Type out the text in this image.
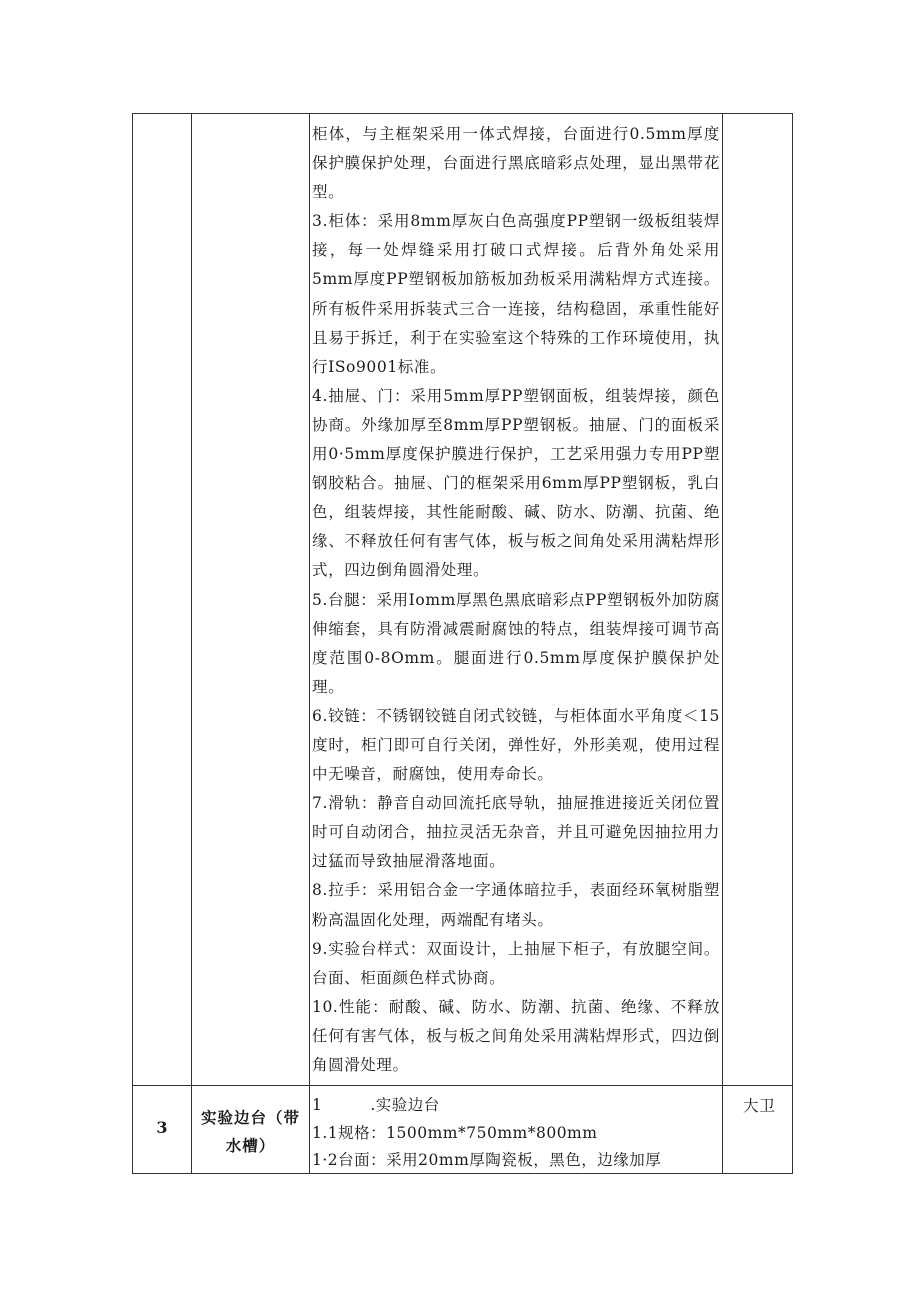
柜体，与主框架采用一体式焊接，台面进行0.5mm厚度保护膜保护处理，台面进行黑底暗彩点处理，显出黑带花型。

3.柜体：采用8mm厚灰白色高强度PP塑钢一级板组装焊接，每一处焊缝采用打破口式焊接。后背外角处采用5mm厚度PP塑钢板加筋板加劲板采用满粘焊方式连接。所有板件采用拆装式三合一连接，结构稳固，承重性能好且易于拆迁，利于在实验室这个特殊的工作环境使用，执行ISo9001标准。

4.抽屉、门：采用5mm厚PP塑钢面板，组装焊接，颜色协商。外缘加厚至8mm厚PP塑钢板。抽屉、门的面板采用0·5mm厚度保护膜进行保护，工艺采用强力专用PP塑钢胶粘合。抽屉、门的框架采用6mm厚PP塑钢板，乳白色，组装焊接，其性能耐酸、碱、防水、防潮、抗菌、绝缘、不释放任何有害气体，板与板之间角处采用满粘焊形式，四边倒角圆滑处理。

5.台腿：采用Iomm厚黑色黑底暗彩点PP塑钢板外加防腐伸缩套，具有防滑减震耐腐蚀的特点，组装焊接可调节高度范围0-8Omm。腿面进行0.5mm厚度保护膜保护处理。

6.铰链：不锈钢铰链自闭式铰链，与柜体面水平角度＜15度时，柜门即可自行关闭，弹性好，外形美观，使用过程中无噪音，耐腐蚀，使用寿命长。

7.滑轨：静音自动回流托底导轨，抽屉推进接近关闭位置时可自动闭合，抽拉灵活无杂音，并且可避免因抽拉用力过猛而导致抽屉滑落地面。

8.拉手：采用铝合金一字通体暗拉手，表面经环氧树脂塑粉高温固化处理，两端配有堵头。

9.实验台样式：双面设计，上抽屉下柜子，有放腿空间。台面、柜面颜色样式协商。

10.性能：耐酸、碱、防水、防潮、抗菌、绝缘、不释放任何有害气体，板与板之间角处采用满粘焊形式，四边倒角圆滑处理。

3
实验边台（带
水槽）

1	.实验边台

1.1规格：1500mm*750mm*800mm

1·2台面：采用20mm厚陶瓷板，黑色，边缘加厚

大卫
